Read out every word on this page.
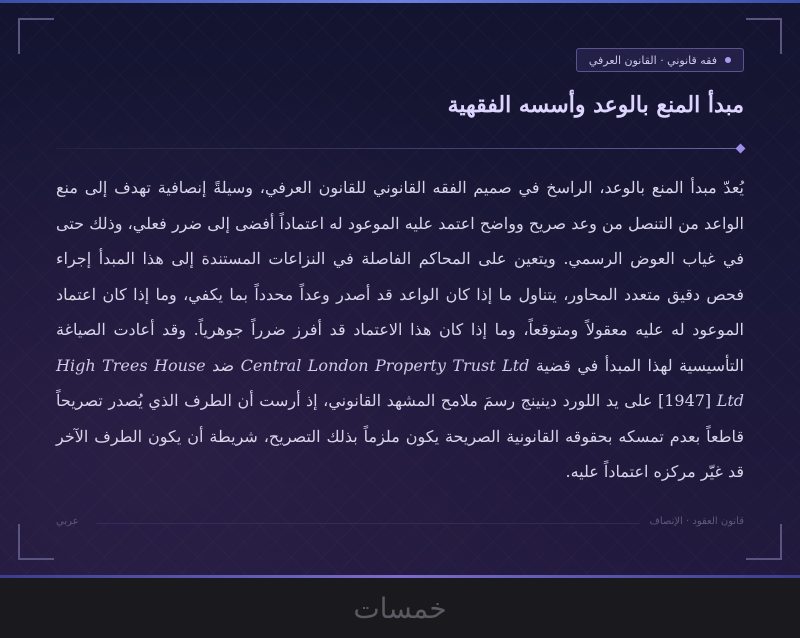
فقه قانوني · القانون العرفي
مبدأ المنع بالوعد وأسسه الفقهية

يُعدّ مبدأ المنع بالوعد، الراسخ في صميم الفقه القانوني للقانون العرفي، وسيلةً إنصافية تهدف إلى منع الواعد من التنصل من وعد صريح وواضح اعتمد عليه الموعود له اعتماداً أفضى إلى ضرر فعلي، وذلك حتى في غياب العوض الرسمي. ويتعين على المحاكم الفاصلة في النزاعات المستندة إلى هذا المبدأ إجراء فحص دقيق متعدد المحاور، يتناول ما إذا كان الواعد قد أصدر وعداً محدداً بما يكفي، وما إذا كان اعتماد الموعود له عليه معقولاً ومتوقعاً، وما إذا كان هذا الاعتماد قد أفرز ضرراً جوهرياً. وقد أعادت الصياغة التأسيسية لهذا المبدأ في قضية Central London Property Trust Ltd ضد High Trees House Ltd [1947] على يد اللورد دينينج رسمَ ملامح المشهد القانوني، إذ أرست أن الطرف الذي يُصدر تصريحاً قاطعاً بعدم تمسكه بحقوقه القانونية الصريحة يكون ملزماً بذلك التصريح، شريطة أن يكون الطرف الآخر قد غيّر مركزه اعتماداً عليه.

قانون العقود · الإنصاف
عربي
خمسات
